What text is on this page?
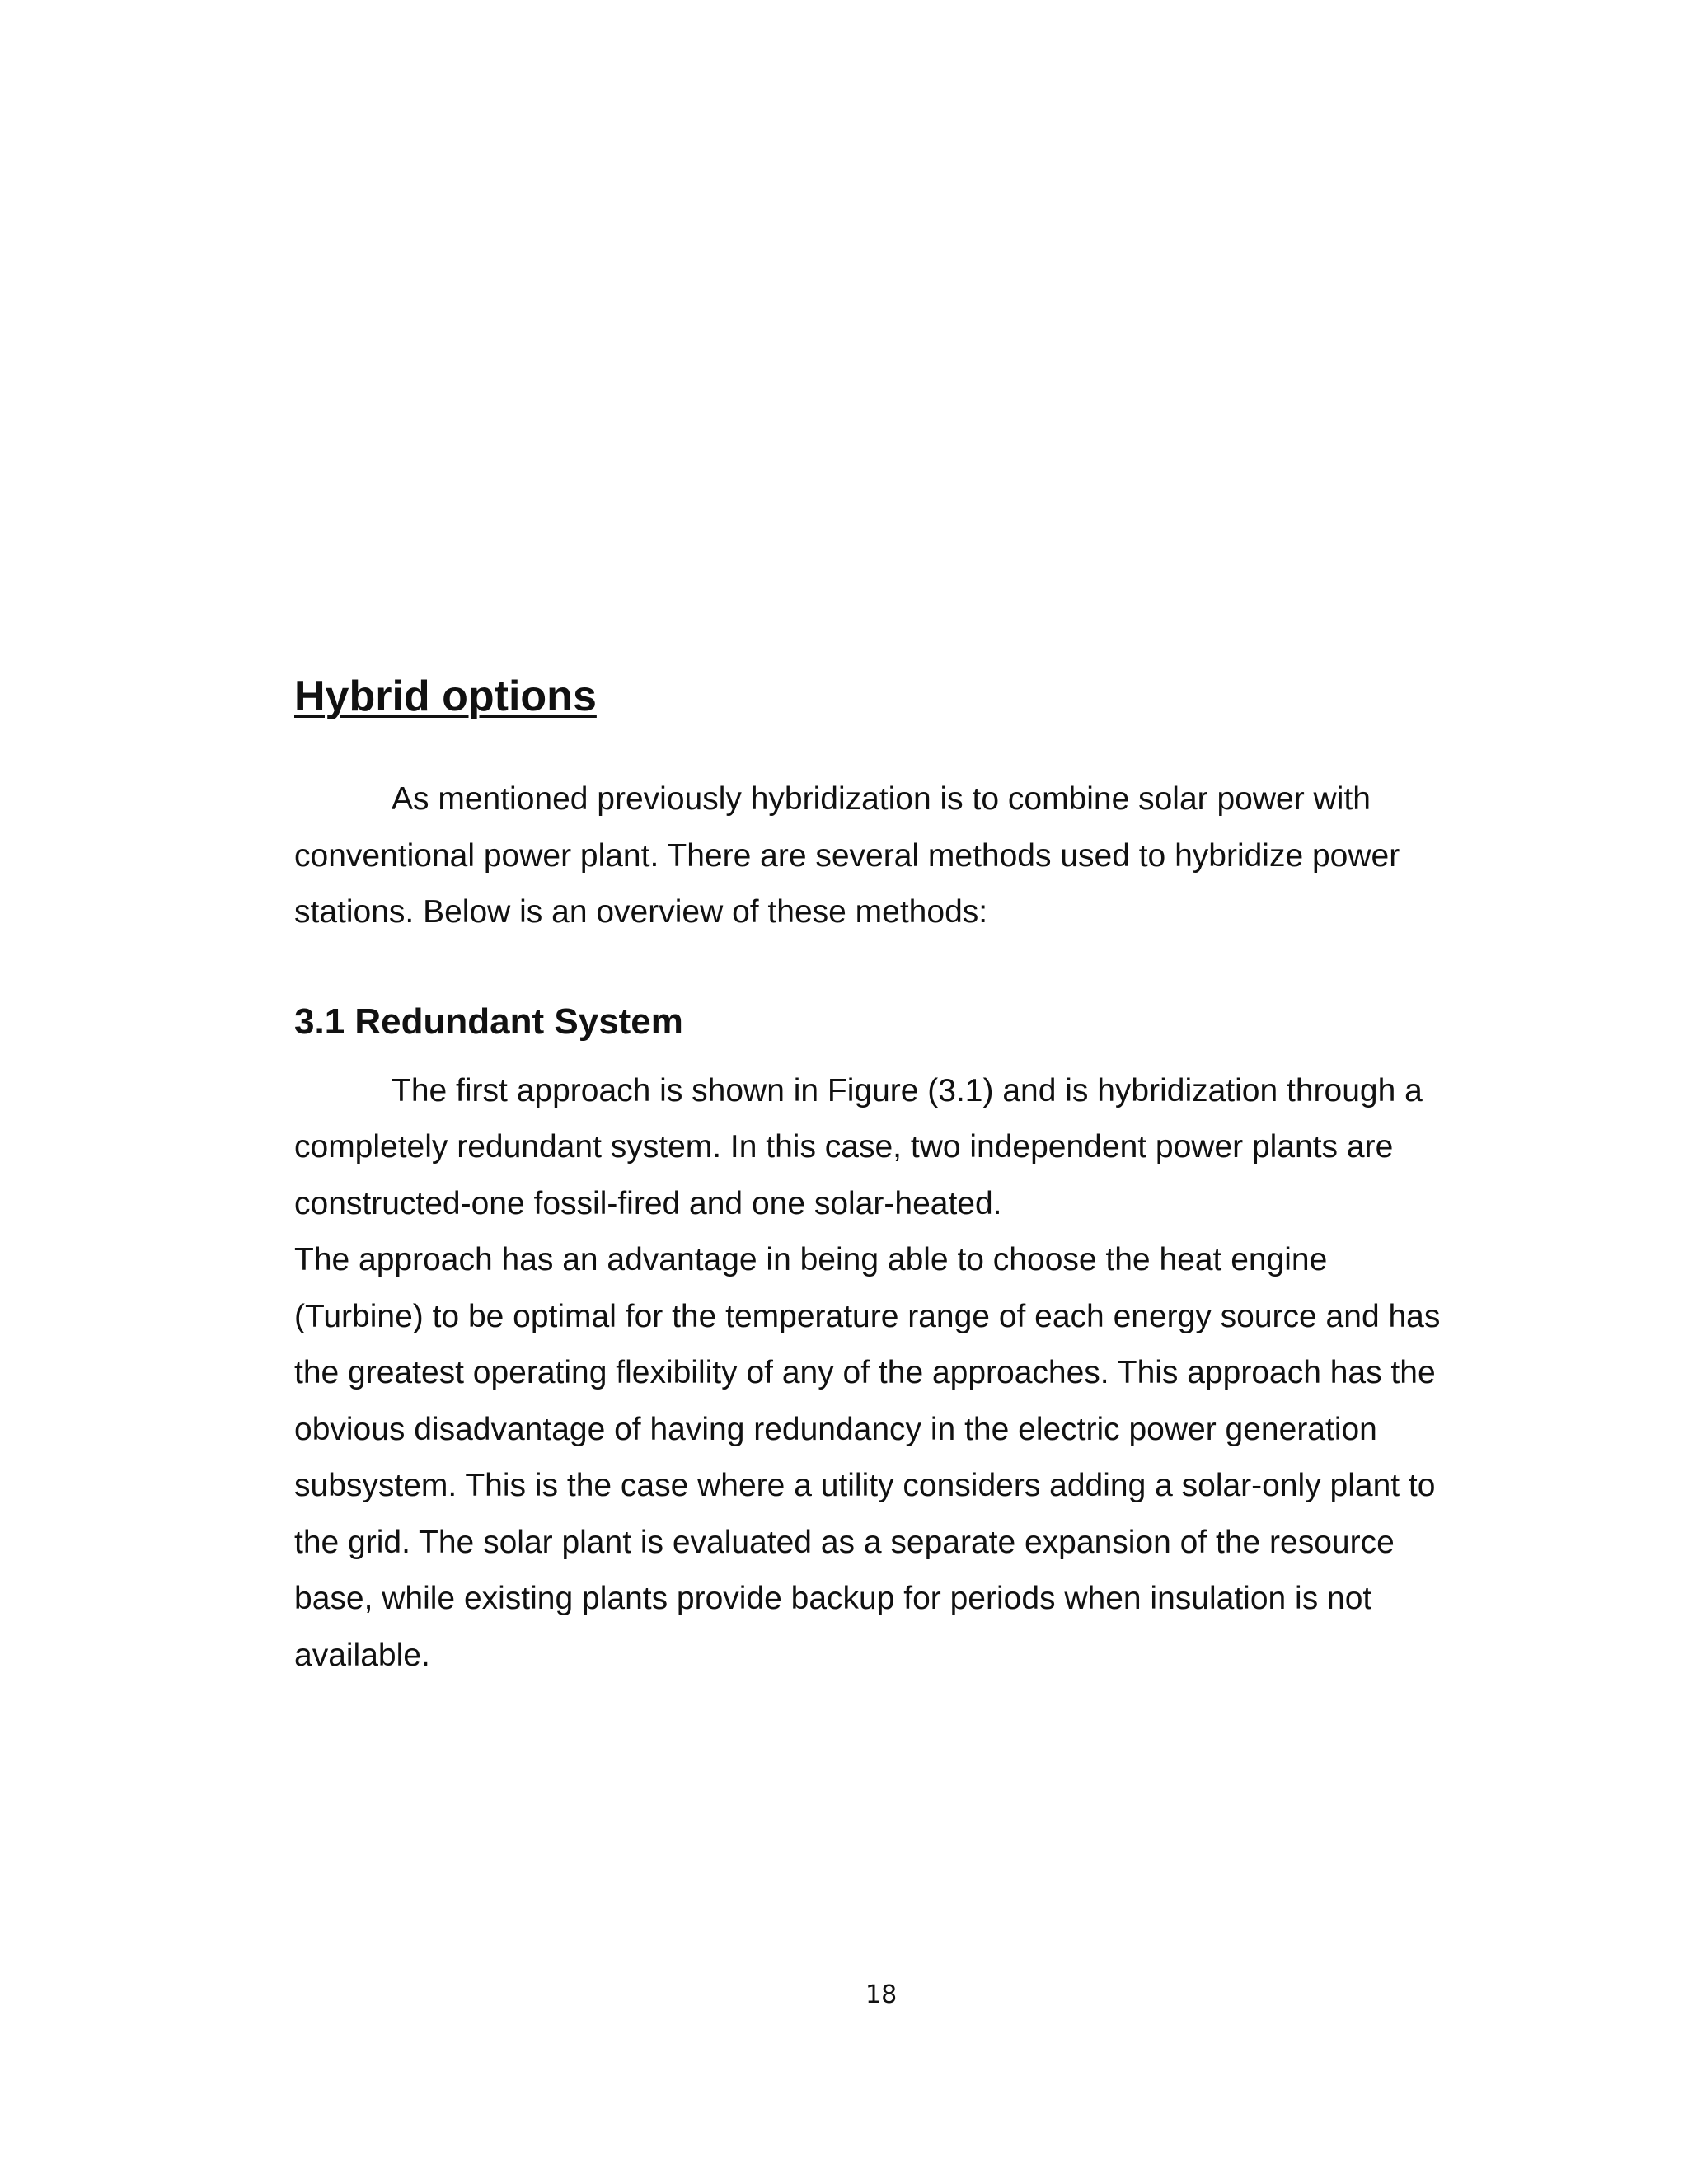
Hybrid options

As mentioned previously hybridization is to combine solar power with

conventional power plant. There are several methods used to hybridize power

stations. Below is an overview of these methods:

3.1 Redundant System

The first approach is shown in Figure (3.1) and is hybridization through a

completely redundant system. In this case, two independent power plants are

constructed-one fossil-fired and one solar-heated.

The approach has an advantage in being able to choose the heat engine

(Turbine) to be optimal for the temperature range of each energy source and has

the greatest operating flexibility of any of the approaches. This approach has the

obvious disadvantage of having redundancy in the electric power generation

subsystem. This is the case where a utility considers adding a solar-only plant to

the grid. The solar plant is evaluated as a separate expansion of the resource

base, while existing plants provide backup for periods when insulation is not

available.

18
